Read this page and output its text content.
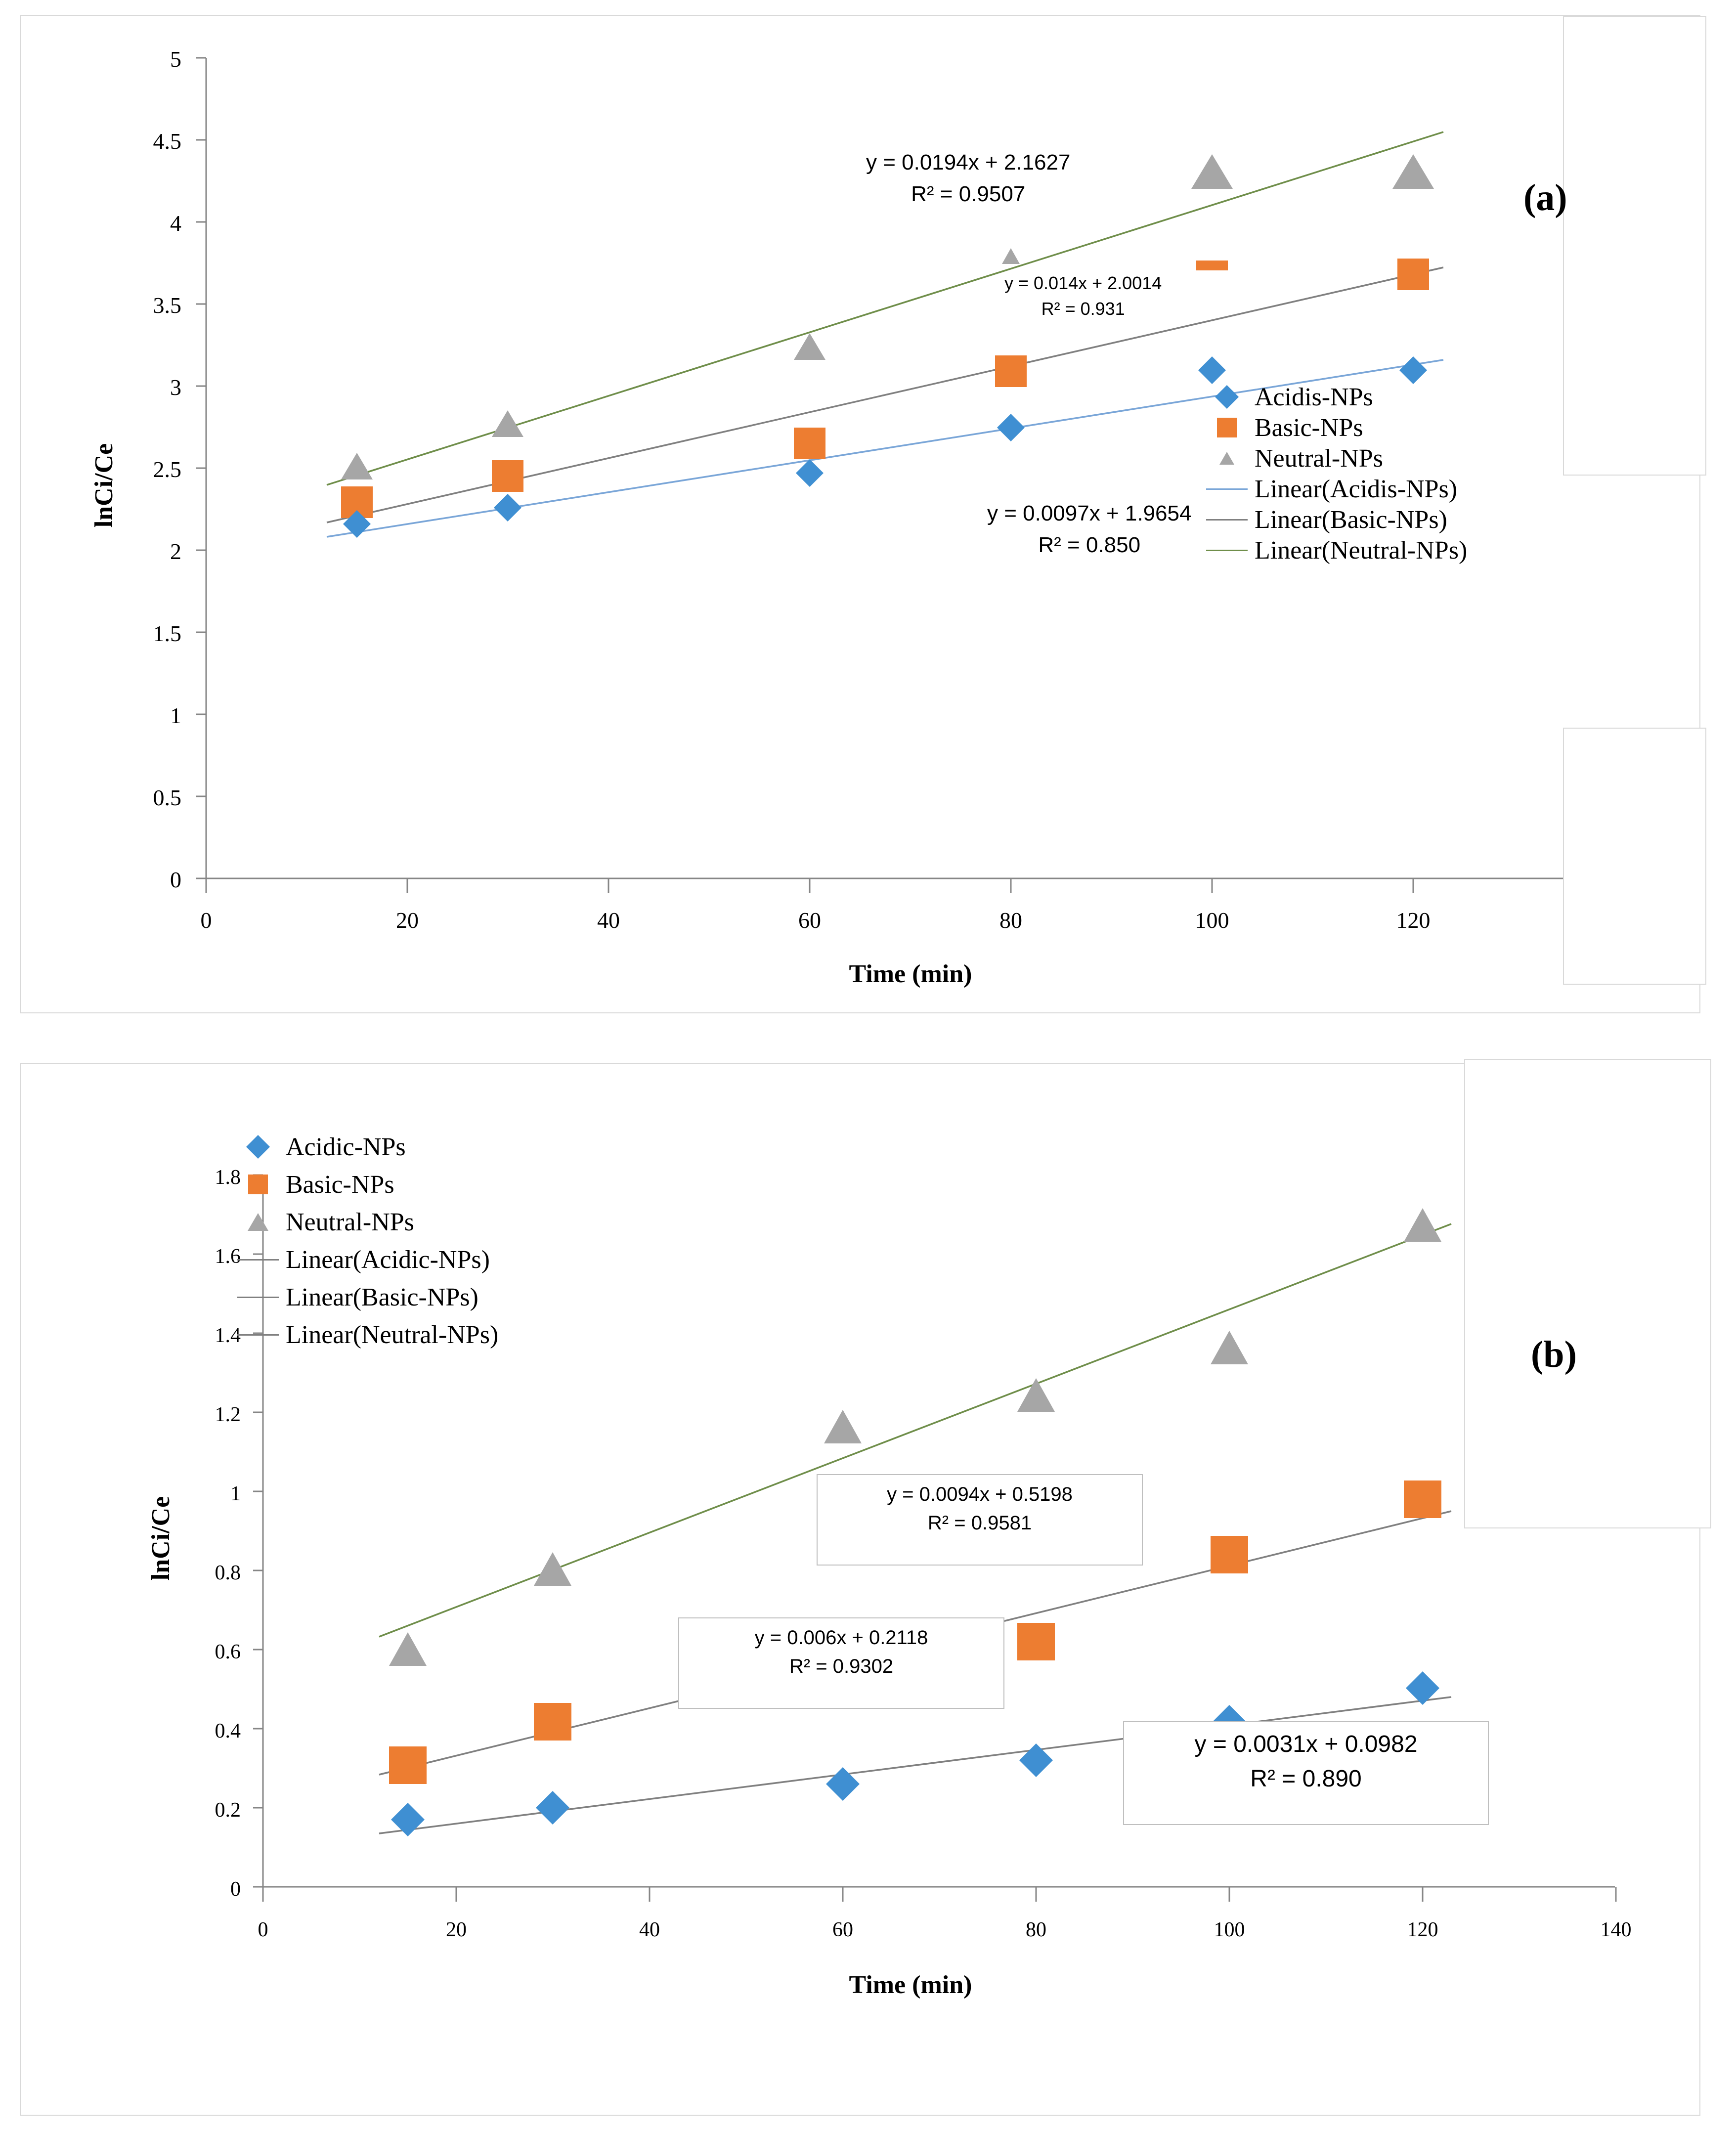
5
4.5
4
3.5
3
2.5
2
1.5
1
0.5
0
0	20	40	60	80	100	120
Time (min)
lnCi/Ce
y = 0.0194x + 2.1627
R² = 0.9507
y = 0.014x + 2.0014
R² = 0.931
y = 0.0097x + 1.9654
R² = 0.850
Acidis-NPs
Basic-NPs
Neutral-NPs
Linear(Acidis-NPs)
Linear(Basic-NPs)
Linear(Neutral-NPs)
(a)
1.8
1.6
1.4
1.2
1
0.8
0.6
0.4
0.2
0
0	20	40	60	80	100	120	140
Time (min)
lnCi/Ce
y = 0.0094x + 0.5198
R² = 0.9581
y = 0.006x + 0.2118
R² = 0.9302
y = 0.0031x + 0.0982
R² = 0.890
Acidic-NPs
Basic-NPs
Neutral-NPs
Linear(Acidic-NPs)
Linear(Basic-NPs)
Linear(Neutral-NPs)	(b)
